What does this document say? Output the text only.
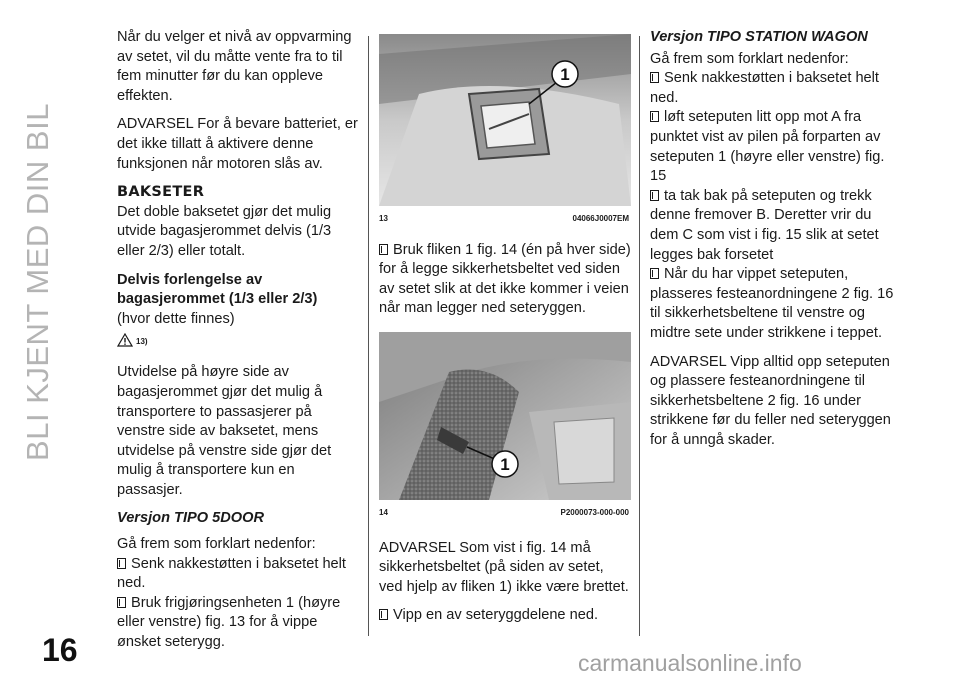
BLI KJENT MED DIN BIL
16	carmanualsonline.info

Når du velger et nivå av oppvarming av setet, vil du måtte vente fra to til fem minutter før du kan oppleve effekten.

ADVARSEL For å bevare batteriet, er det ikke tillatt å aktivere denne funksjonen når motoren slås av.

BAKSETER

Det doble baksetet gjør det mulig utvide bagasjerommet delvis (1/3 eller 2/3) eller totalt.

Delvis forlengelse av bagasjerommet (1/3 eller 2/3)
(hvor dette finnes)
13)

Utvidelse på høyre side av bagasjerommet gjør det mulig å transportere to passasjerer på venstre side av baksetet, mens utvidelse på venstre side gjør det mulig å transportere kun en passasjer.

Versjon TIPO 5DOOR
Gå frem som forklart nedenfor:
Senk nakkestøtten i baksetet helt ned.
Bruk frigjøringsenheten 1 (høyre eller venstre) fig. 13 for å vippe ønsket seterygg.
1
13	04066J0007EM

Bruk fliken 1 fig. 14 (én på hver side) for å legge sikkerhetsbeltet ved siden av setet slik at det ikke kommer i veien når man legger ned seteryggen.

1
14	P2000073-000-000

ADVARSEL Som vist i fig. 14 må sikkerhetsbeltet (på siden av setet, ved hjelp av fliken 1) ikke være brettet.

Vipp en av seteryggdelene ned.

Versjon TIPO STATION WAGON
Gå frem som forklart nedenfor:
Senk nakkestøtten i baksetet helt ned.
løft seteputen litt opp mot A fra punktet vist av pilen på forparten av seteputen 1 (høyre eller venstre) fig. 15
ta tak bak på seteputen og trekk denne fremover B. Deretter vrir du dem C som vist i fig. 15 slik at setet legges bak forsetet

Når du har vippet seteputen, plasseres festeanordningene 2 fig. 16 til sikkerhetsbeltene til venstre og midtre sete under strikkene i teppet.

ADVARSEL Vipp alltid opp seteputen og plassere festeanordningene til sikkerhetsbeltene 2 fig. 16 under strikkene før du feller ned seteryggen for å unngå skader.
